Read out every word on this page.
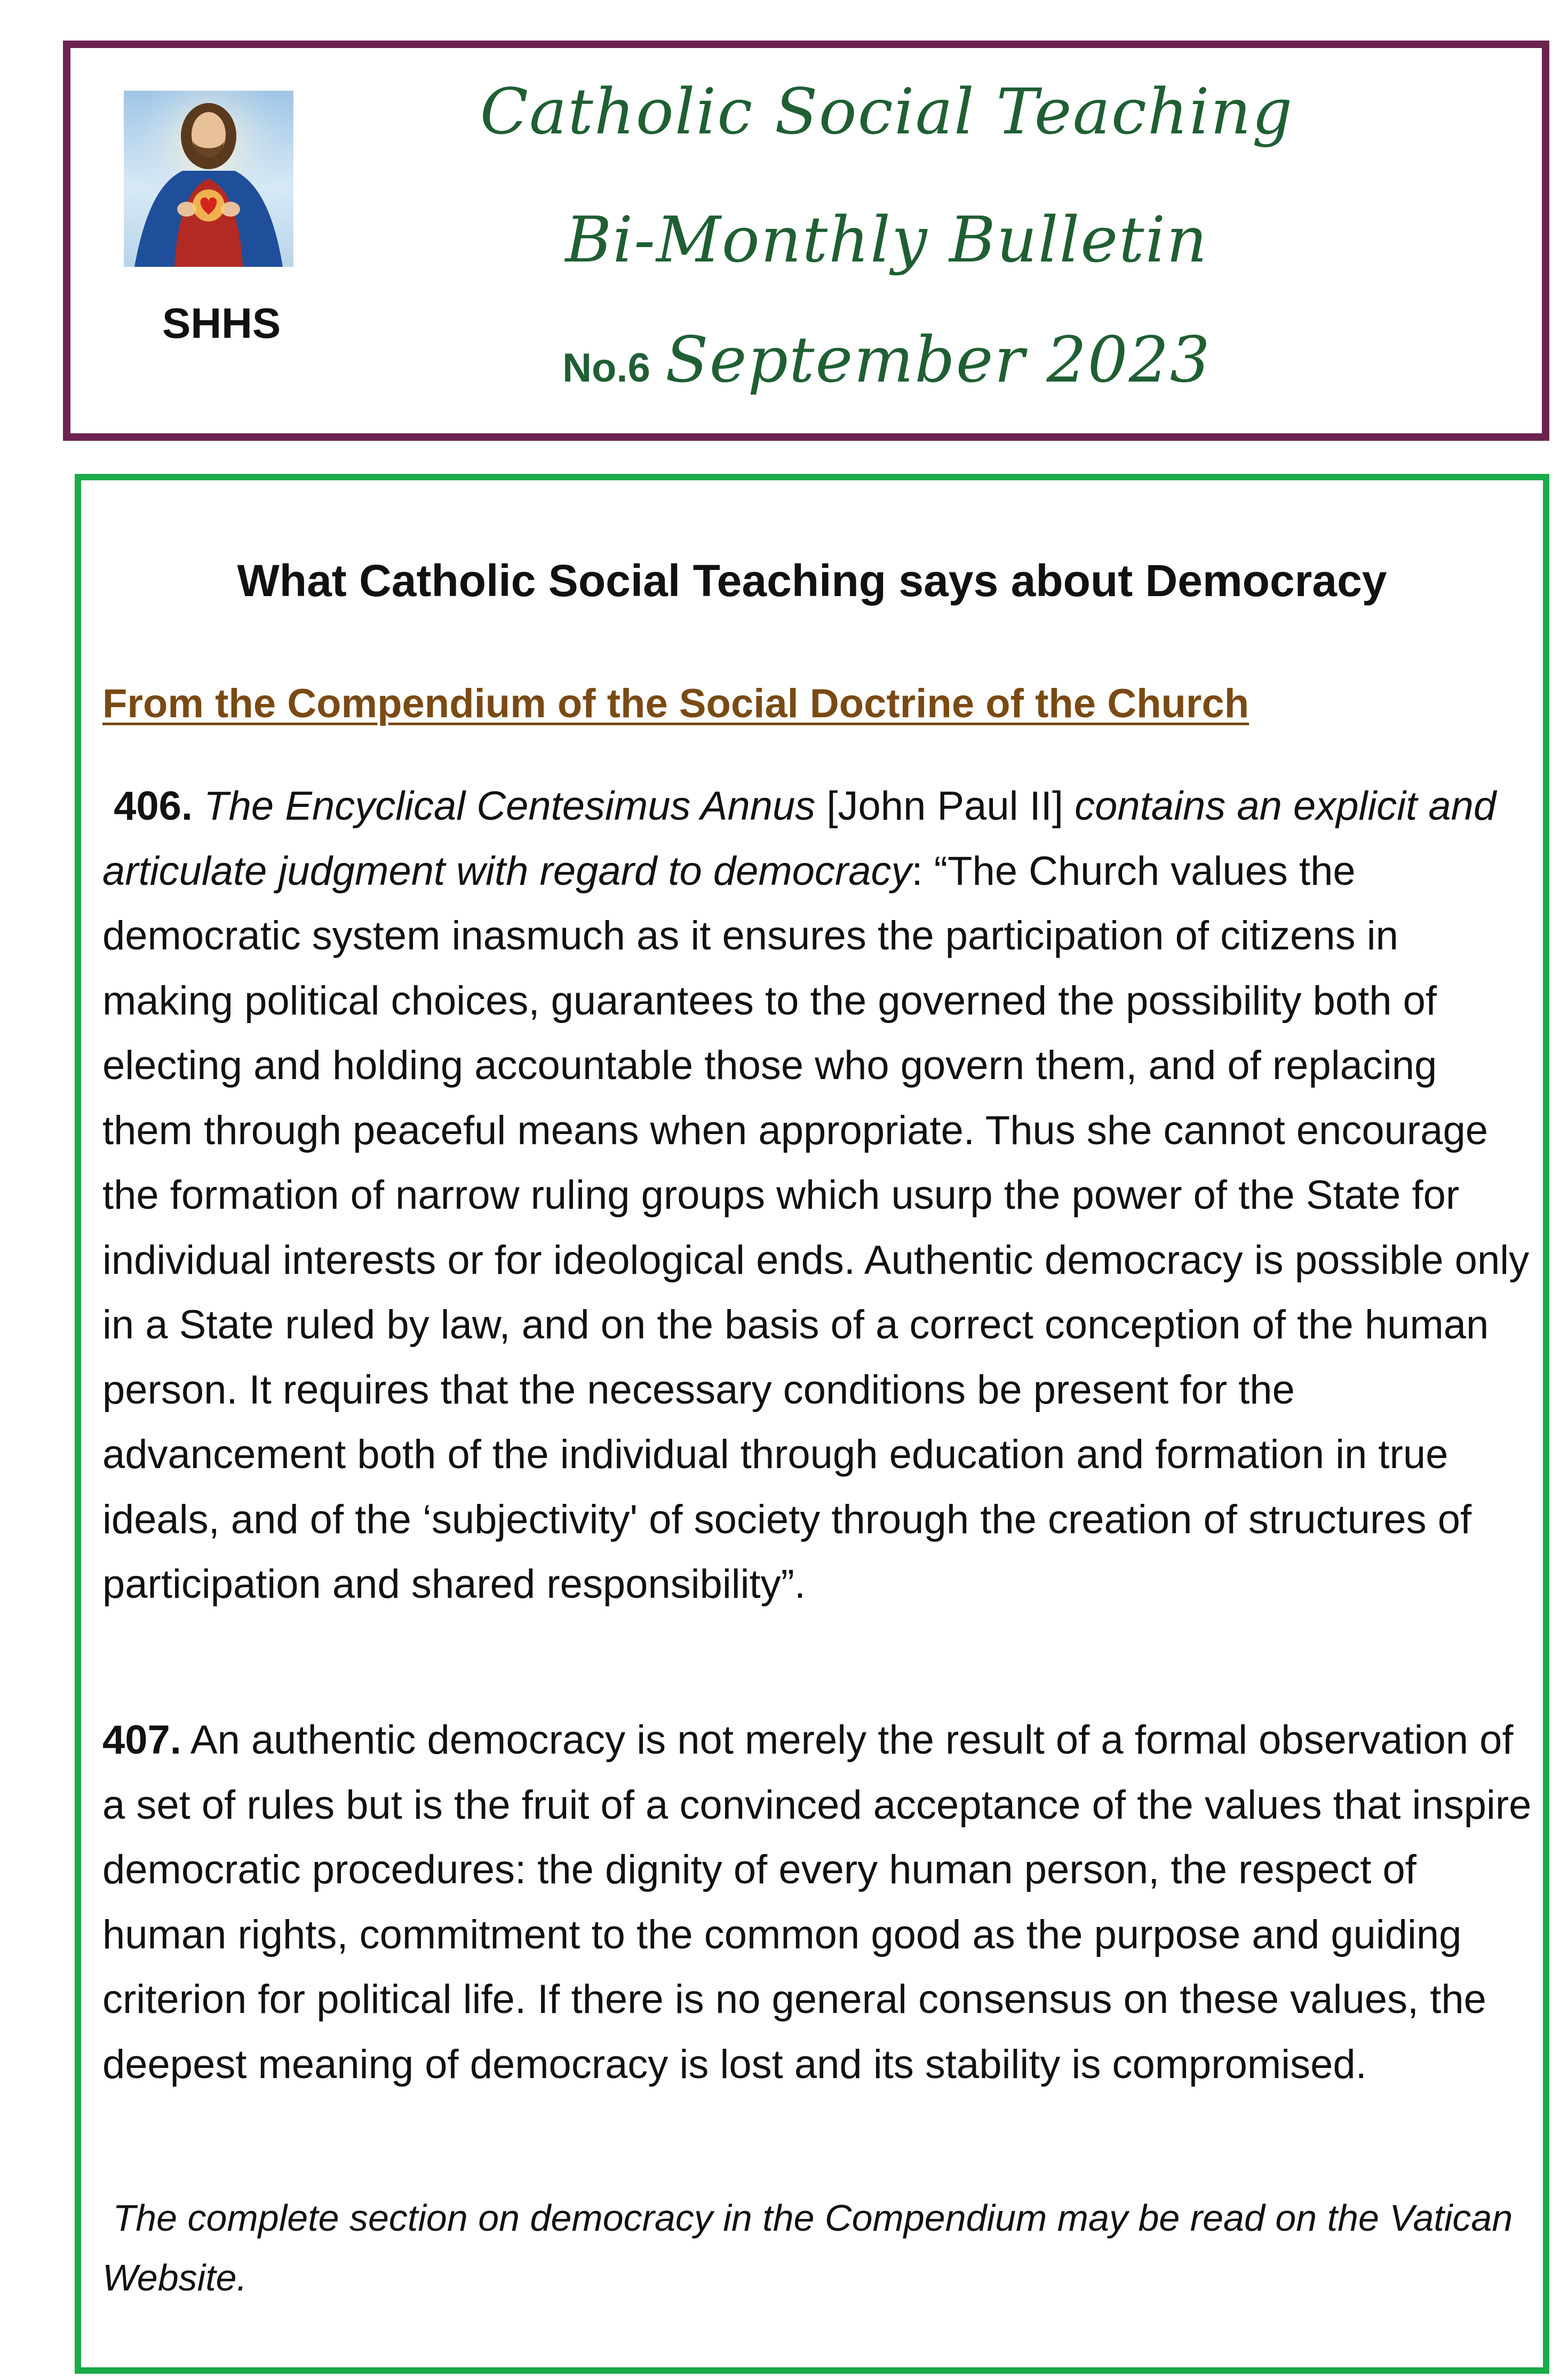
SHHS
Catholic Social Teaching
Bi-Monthly Bulletin
No.6 September 2023
What Catholic Social Teaching says about Democracy
From the Compendium of the Social Doctrine of the Church
406. The Encyclical Centesimus Annus [John Paul II] contains an explicit and articulate judgment with regard to democracy: “The Church values the democratic system inasmuch as it ensures the participation of citizens in making political choices, guarantees to the governed the possibility both of electing and holding accountable those who govern them, and of replacing them through peaceful means when appropriate. Thus she cannot encourage the formation of narrow ruling groups which usurp the power of the State for individual interests or for ideological ends. Authentic democracy is possible only in a State ruled by law, and on the basis of a correct conception of the human person. It requires that the necessary conditions be present for the advancement both of the individual through education and formation in true ideals, and of the ‘subjectivity' of society through the creation of structures of participation and shared responsibility”.
407. An authentic democracy is not merely the result of a formal observation of a set of rules but is the fruit of a convinced acceptance of the values that inspire democratic procedures: the dignity of every human person, the respect of human rights, commitment to the common good as the purpose and guiding criterion for political life. If there is no general consensus on these values, the deepest meaning of democracy is lost and its stability is compromised.
The complete section on democracy in the Compendium may be read on the Vatican Website.
